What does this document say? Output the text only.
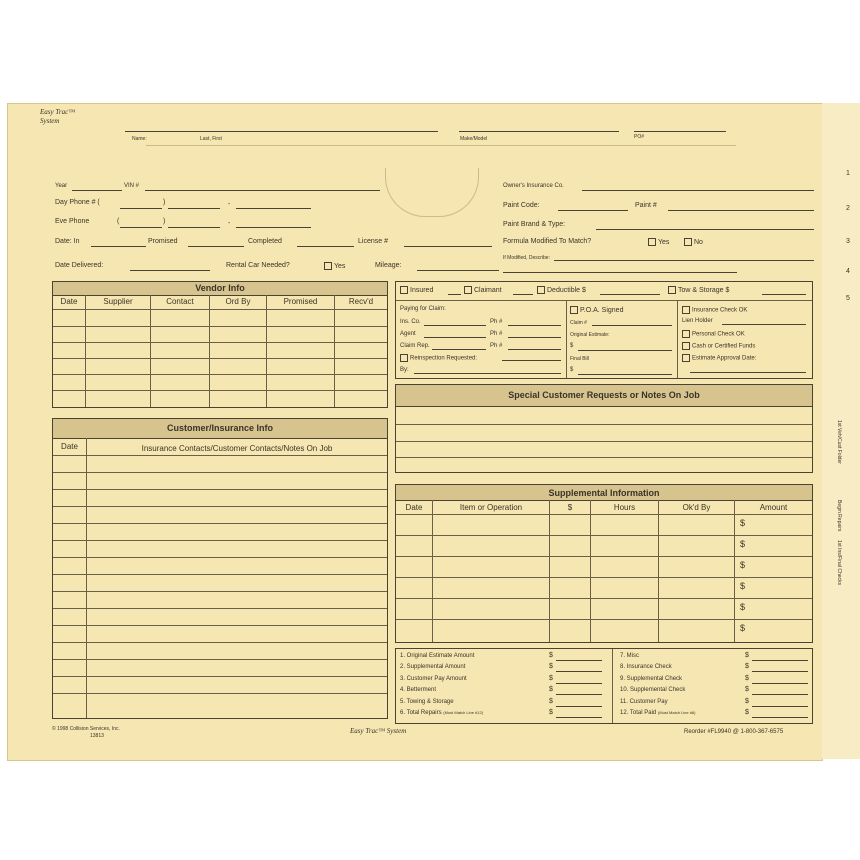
1
2
3
4
5
1st Veh/Cust Folder
Begin Repairs
1st Ins/Final Checks
Easy Trac™
System
Name:	Last, First	Make/Model	PO#
Year	VIN #
Day Phone # (	)	-
Eve Phone	(	)	-
Date: In	Promised	Completed	License #
Date Delivered:	Rental Car Needed?	Yes	Mileage:
Owner's Insurance Co.
Paint Code:	Paint #
Paint Brand & Type:
Formula Modified To Match?	Yes	No
If Modified, Describe:
Vendor Info
Date	Supplier	Contact	Ord By	Promised	Recv'd
Insured	Claimant	Deductible $	Tow & Storage $
Paying for Claim:
Ins. Co.	Ph #
Agent	Ph #
Claim Rep.	Ph #
Reinspection Requested:
By:
P.O.A. Signed
Claim #
Original Estimate:
$
Final Bill
$
Insurance Check OK
Lien Holder
Personal Check OK
Cash or Certified Funds
Estimate Approval Date:
Special Customer Requests or Notes On Job
Customer/Insurance Info
Date	Insurance Contacts/Customer Contacts/Notes On Job
Supplemental Information
Date	Item or Operation	$	Hours	Ok'd By	Amount
$
$
$
$
$
$
1. Original Estimate Amount	$
2. Supplemental Amount	$
3. Customer Pay Amount	$
4. Betterment	$
5. Towing & Storage	$
6. Total Repairs (Must Match Line #12)	$
7. Misc	$
8. Insurance Check	$
9. Supplemental Check	$
10. Supplemental Check	$
11. Customer Pay	$
12. Total Paid (Must Match Line #6)	$
© 1998 Collision Services, Inc.
13813
Easy Trac™ System	Reorder #FL9940 @ 1-800-367-6575
